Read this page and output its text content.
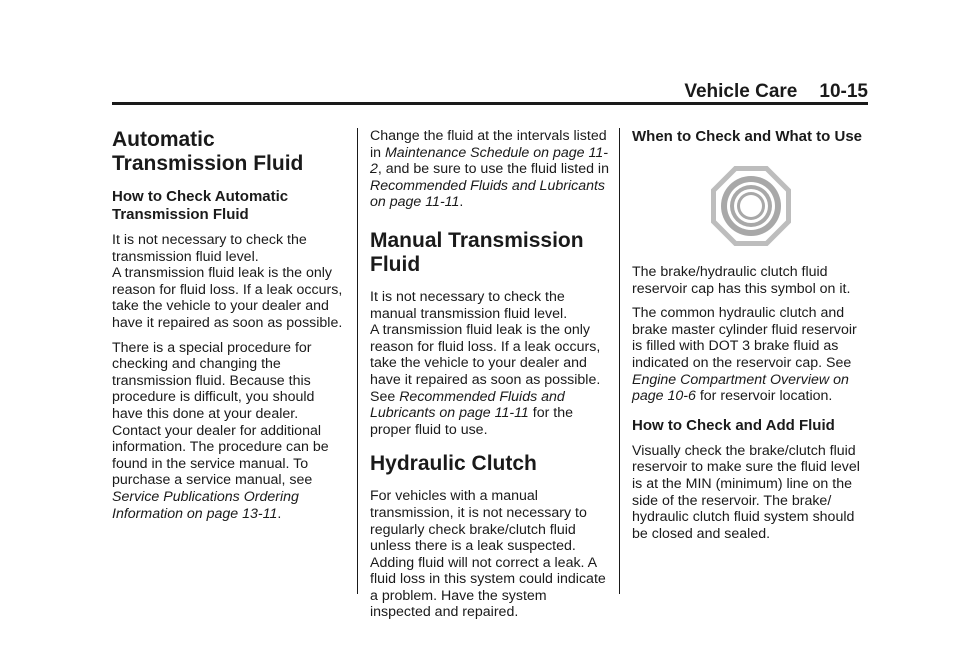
Vehicle Care 10-15
Automatic Transmission Fluid
How to Check Automatic Transmission Fluid
It is not necessary to check the transmission fluid level.
A transmission fluid leak is the only reason for fluid loss. If a leak occurs, take the vehicle to your dealer and have it repaired as soon as possible.

There is a special procedure for checking and changing the transmission fluid. Because this procedure is difficult, you should have this done at your dealer. Contact your dealer for additional information. The procedure can be found in the service manual. To purchase a service manual, see Service Publications Ordering Information on page 13-11.

Change the fluid at the intervals listed in Maintenance Schedule on page 11-2, and be sure to use the fluid listed in Recommended Fluids and Lubricants on page 11-11.

Manual Transmission Fluid
It is not necessary to check the manual transmission fluid level.
A transmission fluid leak is the only reason for fluid loss. If a leak occurs, take the vehicle to your dealer and have it repaired as soon as possible. See Recommended Fluids and Lubricants on page 11-11 for the proper fluid to use.
Hydraulic Clutch

For vehicles with a manual transmission, it is not necessary to regularly check brake/clutch fluid unless there is a leak suspected. Adding fluid will not correct a leak. A fluid loss in this system could indicate a problem. Have the system inspected and repaired.

When to Check and What to Use

The brake/hydraulic clutch fluid reservoir cap has this symbol on it.

The common hydraulic clutch and brake master cylinder fluid reservoir is filled with DOT 3 brake fluid as indicated on the reservoir cap. See Engine Compartment Overview on page 10-6 for reservoir location.

How to Check and Add Fluid

Visually check the brake/clutch fluid reservoir to make sure the fluid level is at the MIN (minimum) line on the side of the reservoir. The brake/ hydraulic clutch fluid system should be closed and sealed.
